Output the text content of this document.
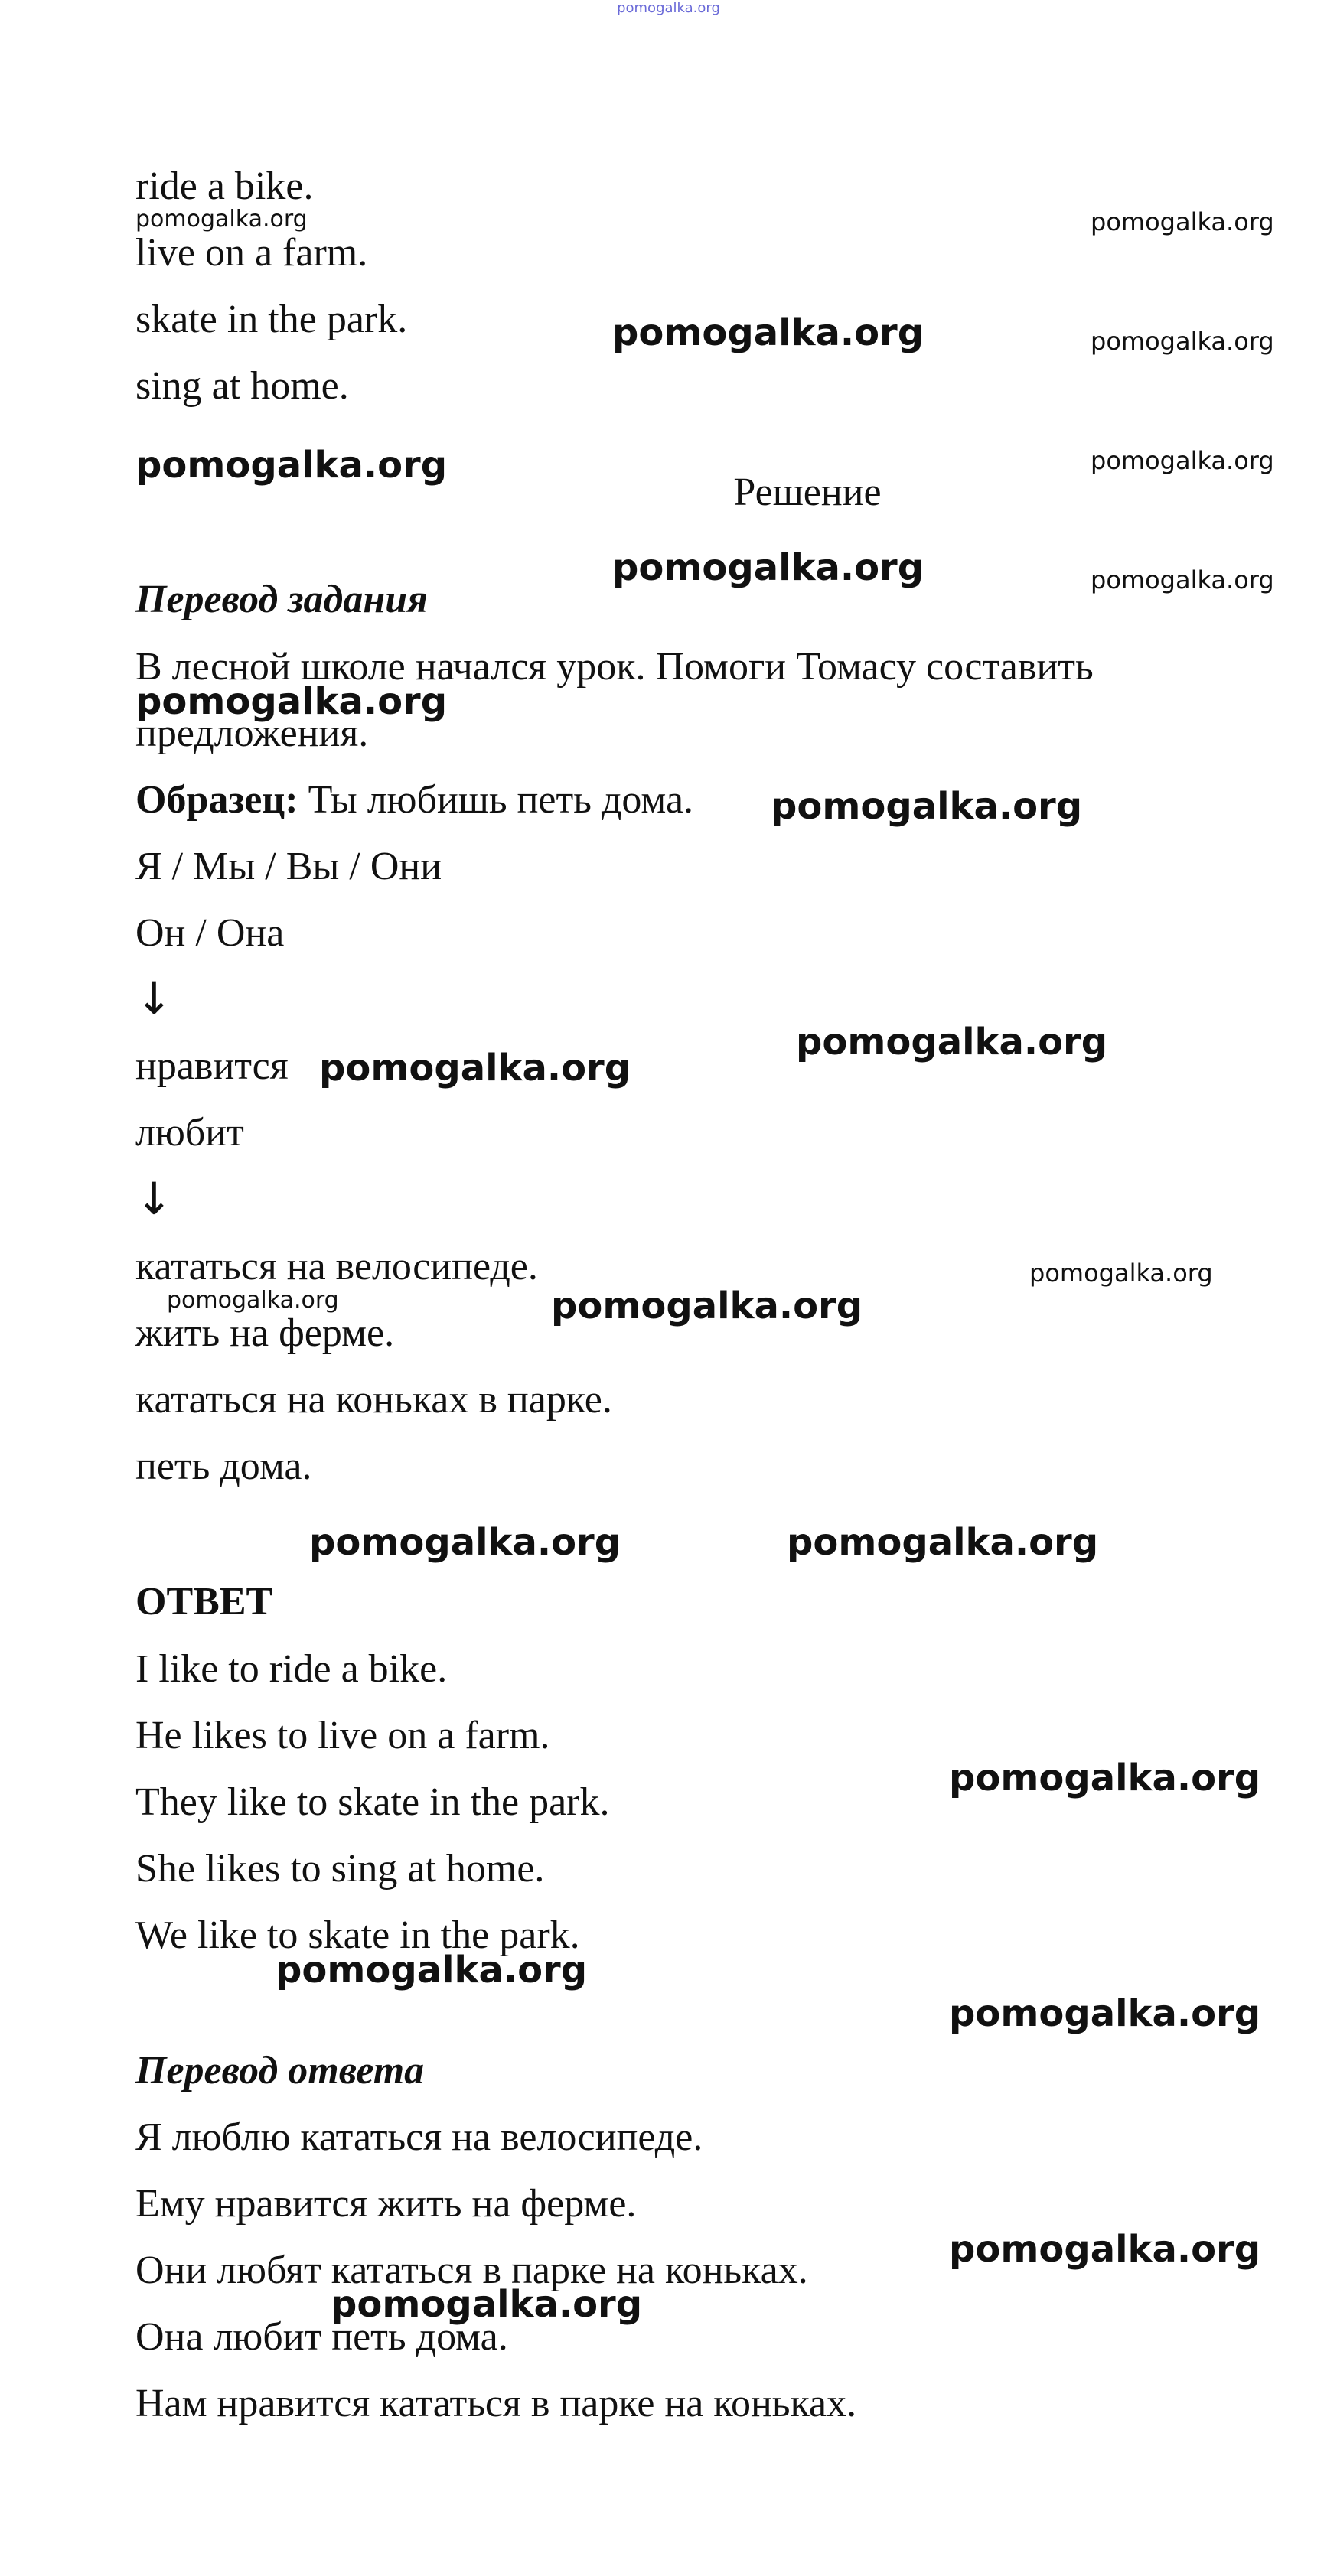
pomogalka.org
ride a bike.
live on a farm.
skate in the park.
sing at home.
Решение
Перевод задания
В лесной школе начался урок. Помоги Томасу составить
предложения.
Образец: Ты любишь петь дома.
Я / Мы / Вы / Они
Он / Она
↓
нравится
любит
↓
кататься на велосипеде.
жить на ферме.
кататься на коньках в парке.
петь дома.
ОТВЕТ
I like to ride a bike.
He likes to live on a farm.
They like to skate in the park.
She likes to sing at home.
We like to skate in the park.
Перевод ответа
Я люблю кататься на велосипеде.
Ему нравится жить на ферме.
Они любят кататься в парке на коньках.
Она любит петь дома.
Нам нравится кататься в парке на коньках.
pomogalka.org	pomogalka.org
pomogalka.org	pomogalka.org
pomogalka.org	pomogalka.org
pomogalka.org	pomogalka.org
pomogalka.org
pomogalka.org
pomogalka.org
pomogalka.org
pomogalka.org
pomogalka.org	pomogalka.org
pomogalka.org	pomogalka.org
pomogalka.org
pomogalka.org
pomogalka.org
pomogalka.org
pomogalka.org
